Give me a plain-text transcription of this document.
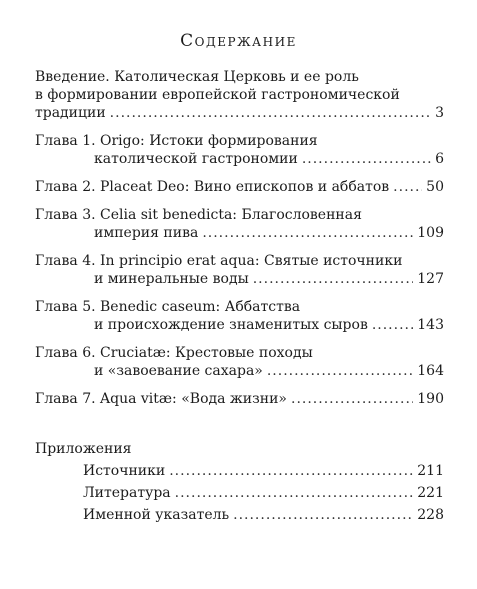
Содержание
Введение. Католическая Церковь и ее роль
в формировании европейской гастрономической
традиции .....	3
Глава 1. Origo: Истоки формирования
католической гастрономии .....	6
Глава 2. Placeat Deo: Вино епископов и аббатов .....	50
Глава 3. Celia sit benedicta: Благословенная
империя пива .....	109
Глава 4. In principio erat aqua: Святые источники
и минеральные воды .....	127
Глава 5. Benedic caseum: Аббатства
и происхождение знаменитых сыров .....	143
Глава 6. Cruciatæ: Крестовые походы
и «завоевание сахара» .....	164
Глава 7. Aqua vitæ: «Вода жизни» .....	190
Приложения
Источники .....	211
Литература .....	221
Именной указатель .....	228
